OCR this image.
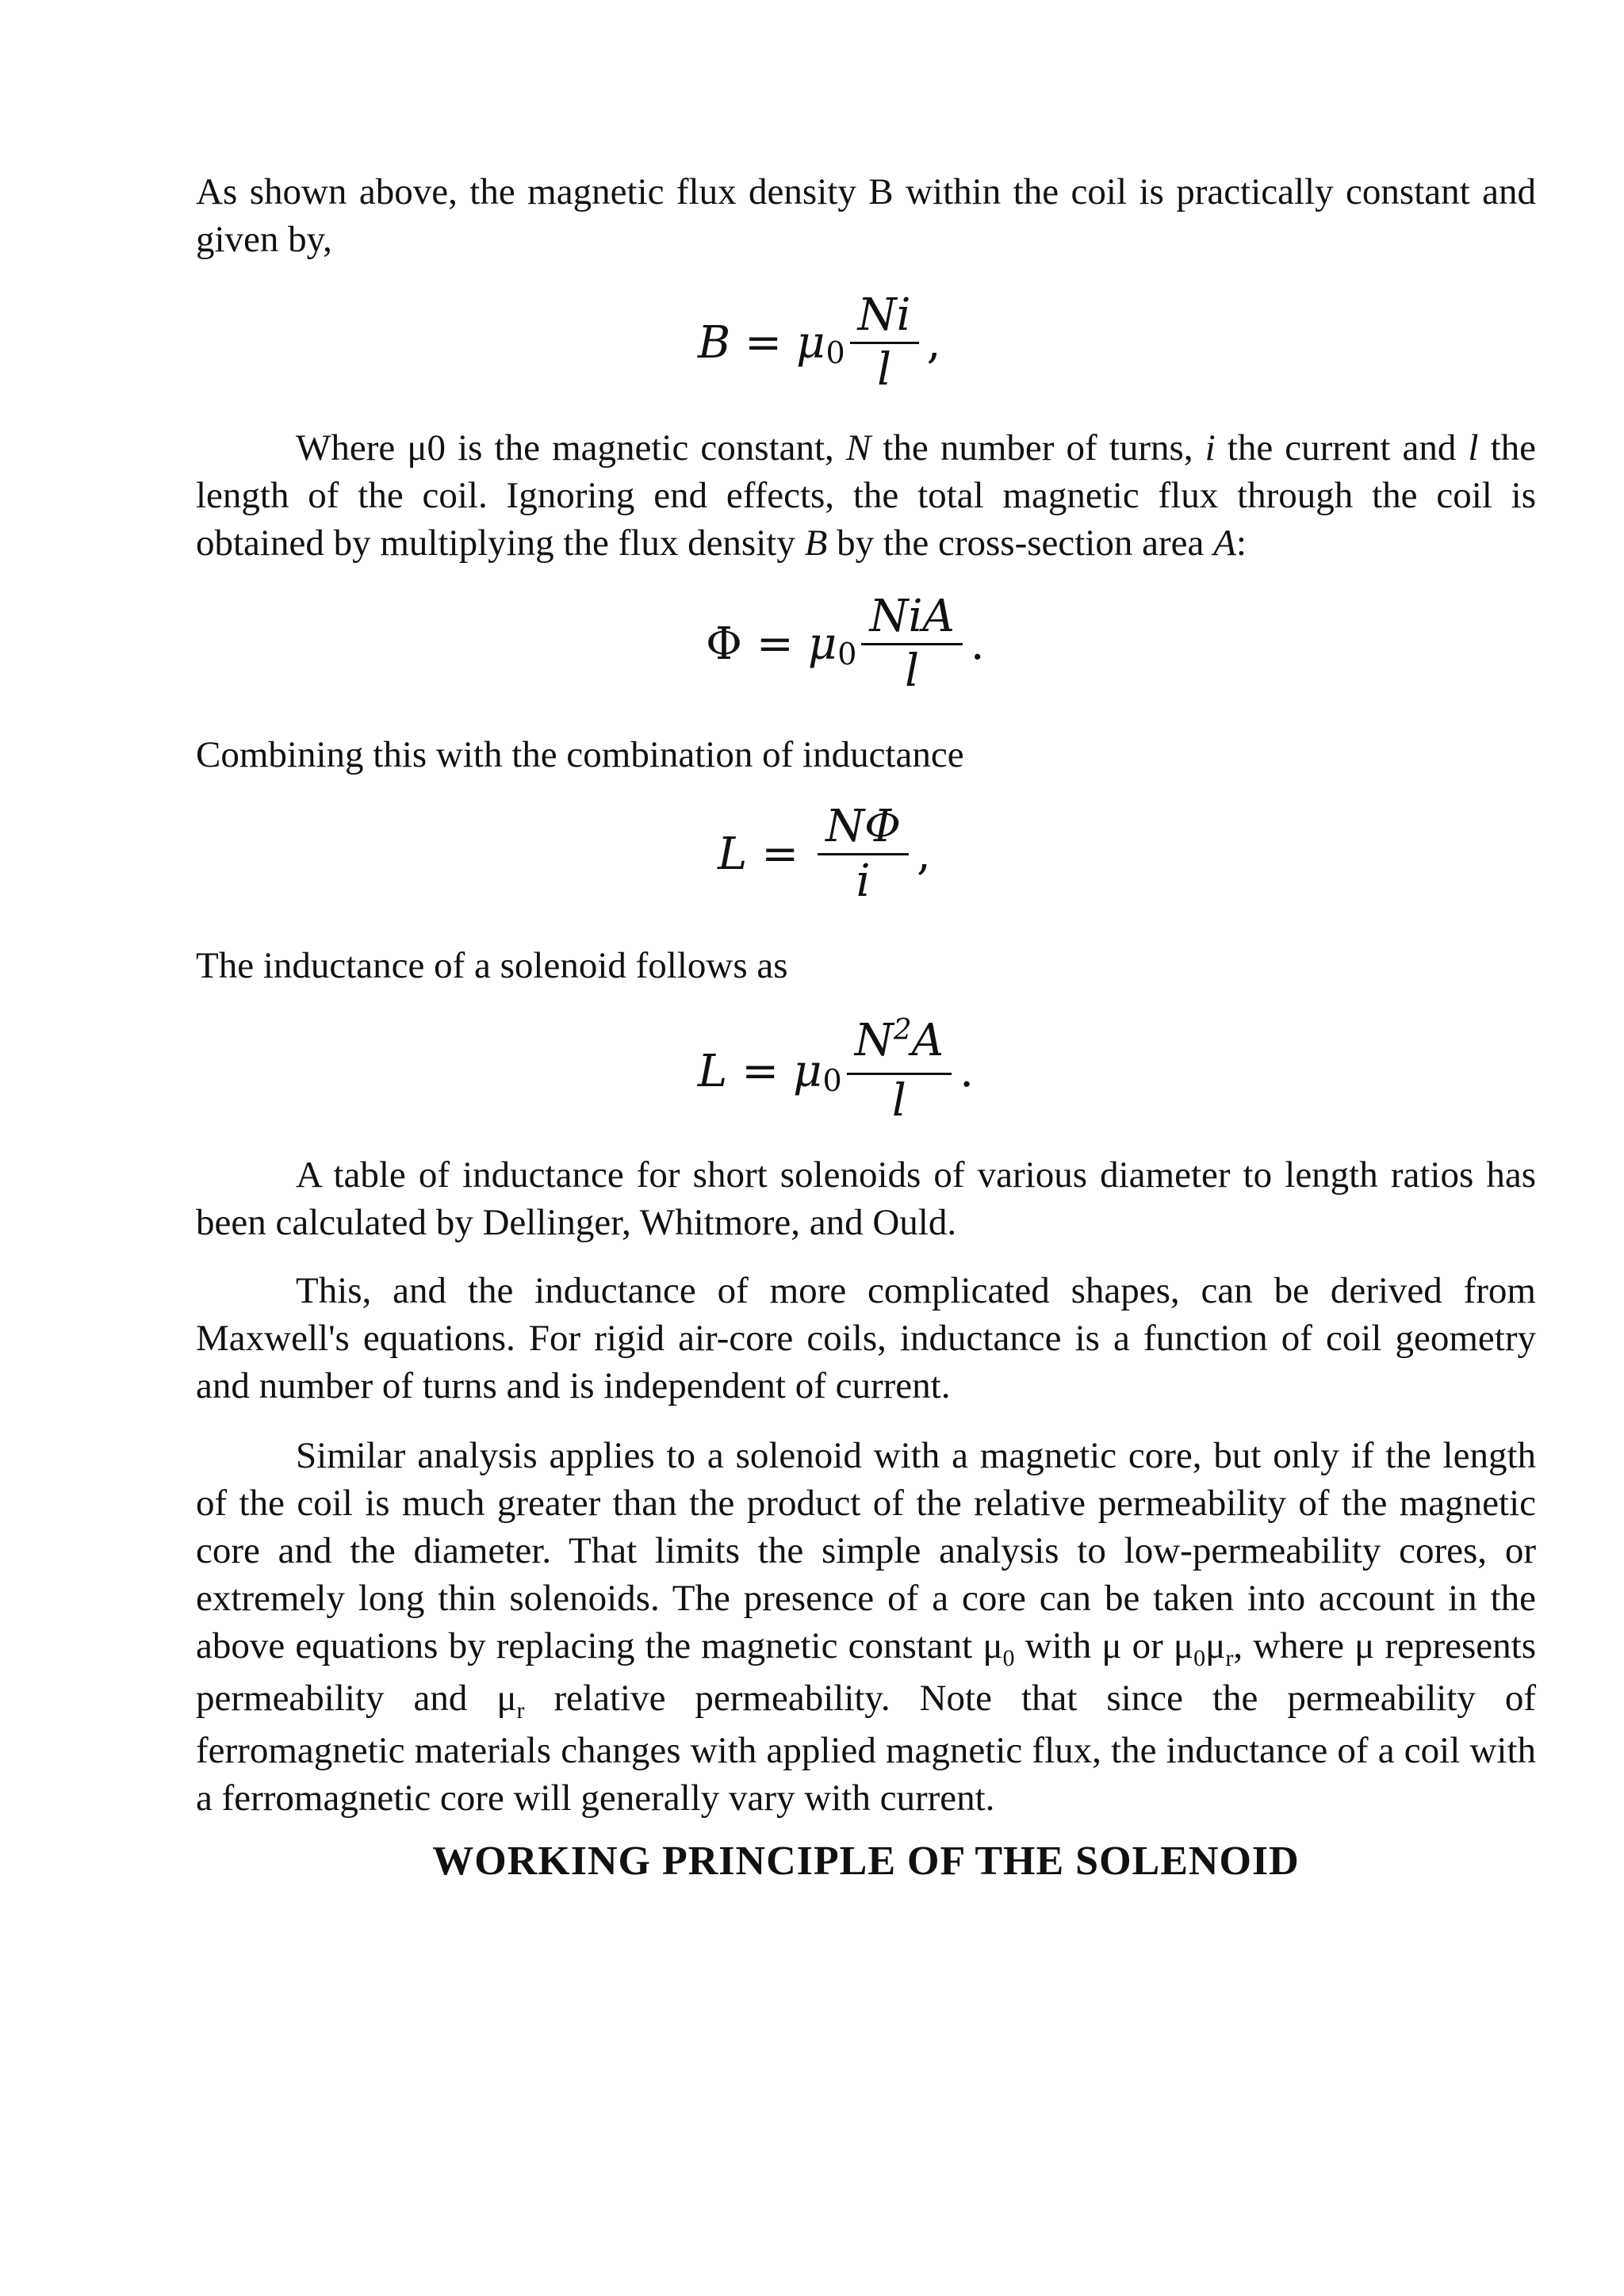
As shown above, the magnetic flux density B within the coil is practically constant and given by,

B = μ $0 \frac{Ni}{l}$ ,

Where μ0 is the magnetic constant, N the number of turns, i the current and l the length of the coil. Ignoring end effects, the total magnetic flux through the coil is obtained by multiplying the flux density B by the cross-section area A:

Φ = μ $0 \frac{\text{NiA}}{l}$ .

Combining this with the combination of inductance

$L = \frac{N\Phi}{i}$ ,

The inductance of a solenoid follows as

L = μ $0 \frac{N^2A}{l}$ .

A table of inductance for short solenoids of various diameter to length ratios has been calculated by Dellinger, Whitmore, and Ould.

This, and the inductance of more complicated shapes, can be derived from Maxwell's equations. For rigid air-core coils, inductance is a function of coil geometry and number of turns and is independent of current.

Similar analysis applies to a solenoid with a magnetic core, but only if the length of the coil is much greater than the product of the relative permeability of the magnetic core and the diameter. That limits the simple analysis to low-permeability cores, or extremely long thin solenoids. The presence of a core can be taken into account in the above equations by replacing the magnetic constant $\mu_0$ with μ or $\mu_0\mu_r$, where μ represents permeability and $\mu_r$ relative permeability. Note that since the permeability of ferromagnetic materials changes with applied magnetic flux, the inductance of a coil with a ferromagnetic core will generally vary with current.

WORKING PRINCIPLE OF THE SOLENOID
